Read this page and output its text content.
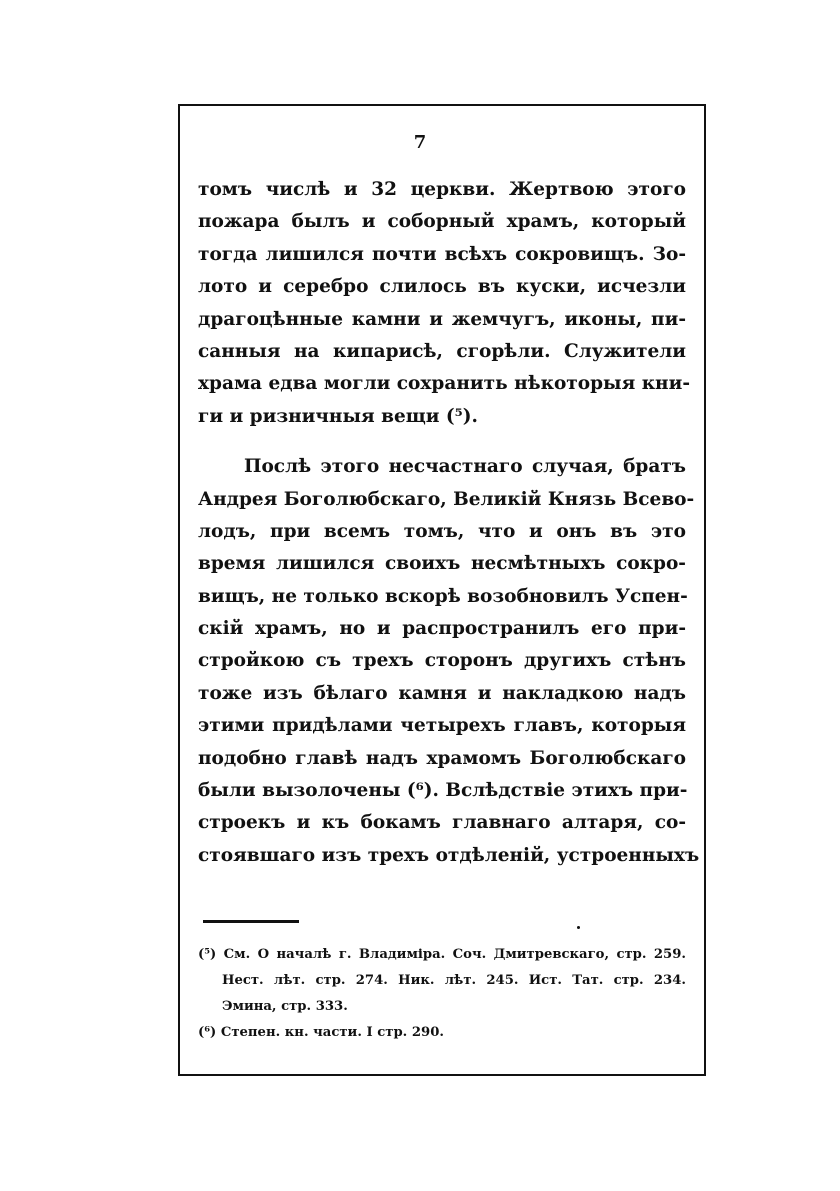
7
томъ числѣ и 32 церкви. Жертвою этого
пожара былъ и соборный храмъ, который
тогда лишился почти всѣхъ сокровищъ. Зо-
лото и серебро слилось въ куски, исчезли
драгоцѣнные камни и жемчугъ, иконы, пи-
санныя на кипарисѣ, сгорѣли. Служители
храма едва могли сохранить нѣкоторыя кни-
ги и ризничныя вещи (⁵).
Послѣ этого несчастнаго случая, братъ
Андрея Боголюбскаго, Великій Князь Всево-
лодъ, при всемъ томъ, что и онъ въ это
время лишился своихъ несмѣтныхъ сокро-
вищъ, не только вскорѣ возобновилъ Успен-
скій храмъ, но и распространилъ его при-
стройкою съ трехъ сторонъ другихъ стѣнъ
тоже изъ бѣлаго камня и накладкою надъ
этими придѣлами четырехъ главъ, которыя
подобно главѣ надъ храмомъ Боголюбскаго
были вызолочены (⁶). Вслѣдствіе этихъ при-
строекъ и къ бокамъ главнаго алтаря, со-
стоявшаго изъ трехъ отдѣленій, устроенныхъ
(⁵) См. О началѣ г. Владиміра. Соч. Дмитревскаго, стр. 259.
Нест. лѣт. стр. 274. Ник. лѣт. 245. Ист. Тат. стр. 234.
Эмина, стр. 333.
(⁶) Степен. кн. части. I стр. 290.
